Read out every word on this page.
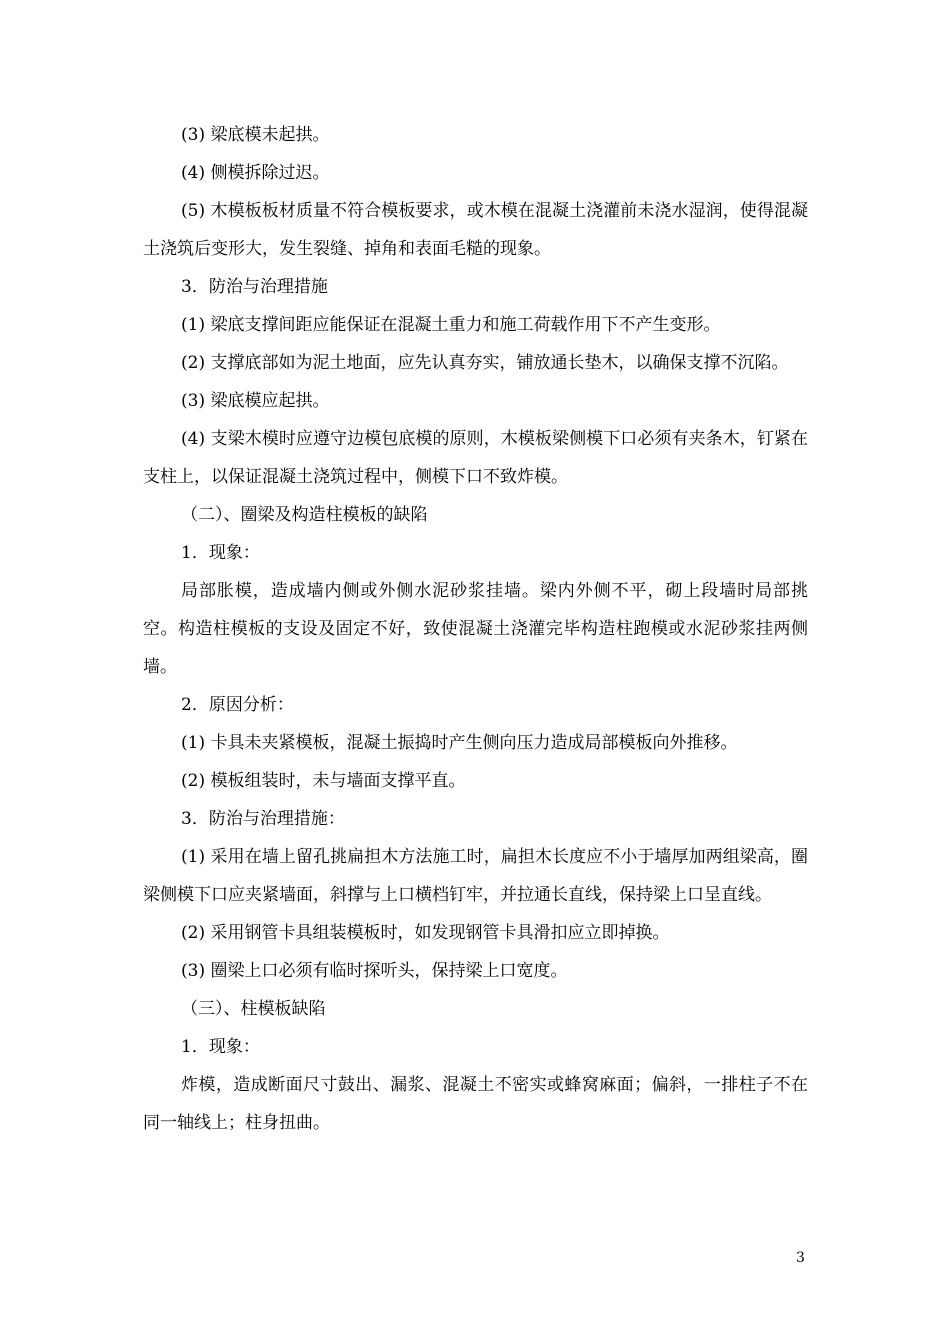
(3) 梁底模未起拱。

(4) 侧模拆除过迟。

(5) 木模板板材质量不符合模板要求，或木模在混凝土浇灌前未浇水湿润，使得混凝土浇筑后变形大，发生裂缝、掉角和表面毛糙的现象。

3．防治与治理措施

(1) 梁底支撑间距应能保证在混凝土重力和施工荷载作用下不产生变形。

(2) 支撑底部如为泥土地面，应先认真夯实，铺放通长垫木，以确保支撑不沉陷。

(3) 梁底模应起拱。

(4) 支梁木模时应遵守边模包底模的原则，木模板梁侧模下口必须有夹条木，钉紧在支柱上，以保证混凝土浇筑过程中，侧模下口不致炸模。

（二）、圈梁及构造柱模板的缺陷

1．现象：

局部胀模，造成墙内侧或外侧水泥砂浆挂墙。梁内外侧不平，砌上段墙时局部挑空。构造柱模板的支设及固定不好，致使混凝土浇灌完毕构造柱跑模或水泥砂浆挂两侧墙。

2．原因分析：

(1) 卡具未夹紧模板，混凝土振捣时产生侧向压力造成局部模板向外推移。

(2) 模板组装时，未与墙面支撑平直。

3．防治与治理措施：

(1) 采用在墙上留孔挑扁担木方法施工时，扁担木长度应不小于墙厚加两组梁高，圈梁侧模下口应夹紧墙面，斜撑与上口横档钉牢，并拉通长直线，保持梁上口呈直线。

(2) 采用钢管卡具组装模板时，如发现钢管卡具滑扣应立即掉换。

(3) 圈梁上口必须有临时探听头，保持梁上口宽度。

（三）、柱模板缺陷

1．现象：

炸模，造成断面尺寸鼓出、漏浆、混凝土不密实或蜂窝麻面；偏斜，一排柱子不在同一轴线上；柱身扭曲。

3
